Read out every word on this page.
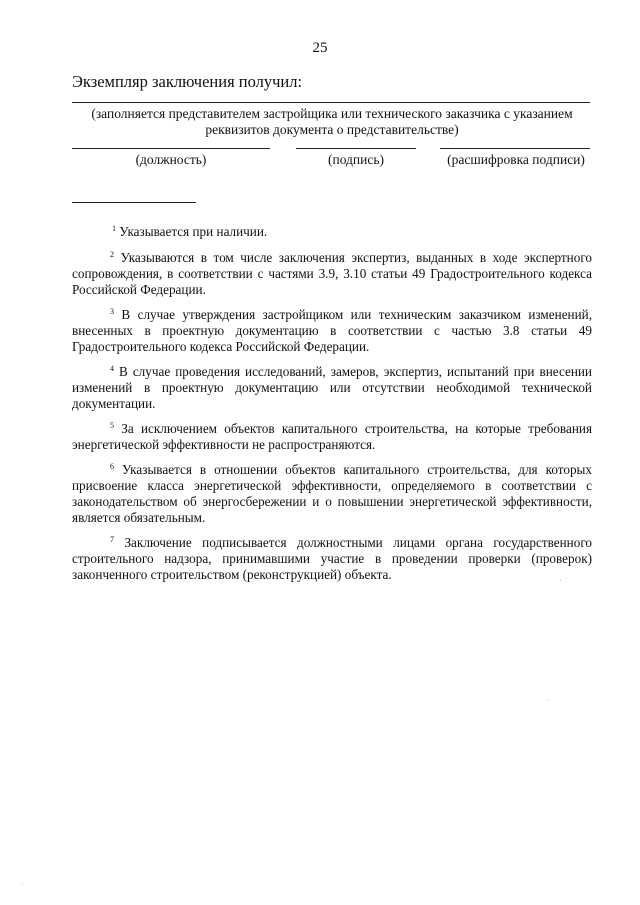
25
Экземпляр заключения получил:
(заполняется представителем застройщика или технического заказчика с указанием реквизитов документа о представительстве)
(должность)	(подпись)	(расшифровка подписи)

$^1$ Указывается при наличии.

$^2$ Указываются в том числе заключения экспертиз, выданных в ходе экспертного сопровождения, в соответствии с частями 3.9, 3.10 статьи 49 Градостроительного кодекса Российской Федерации.

$^3$ В случае утверждения застройщиком или техническим заказчиком изменений, внесенных в проектную документацию в соответствии с частью 3.8 статьи 49 Градостроительного кодекса Российской Федерации.

$^4$ В случае проведения исследований, замеров, экспертиз, испытаний при внесении изменений в проектную документацию или отсутствии необходимой технической документации.

$^5$ За исключением объектов капитального строительства, на которые требования энергетической эффективности не распространяются.

$^6$ Указывается в отношении объектов капитального строительства, для которых присвоение класса энергетической эффективности, определяемого в соответствии с законодательством об энергосбережении и о повышении энергетической эффективности, является обязательным.

$^7$ Заключение подписывается должностными лицами органа государственного строительного надзора, принимавшими участие в проведении проверки (проверок) законченного строительством (реконструкцией) объекта.
